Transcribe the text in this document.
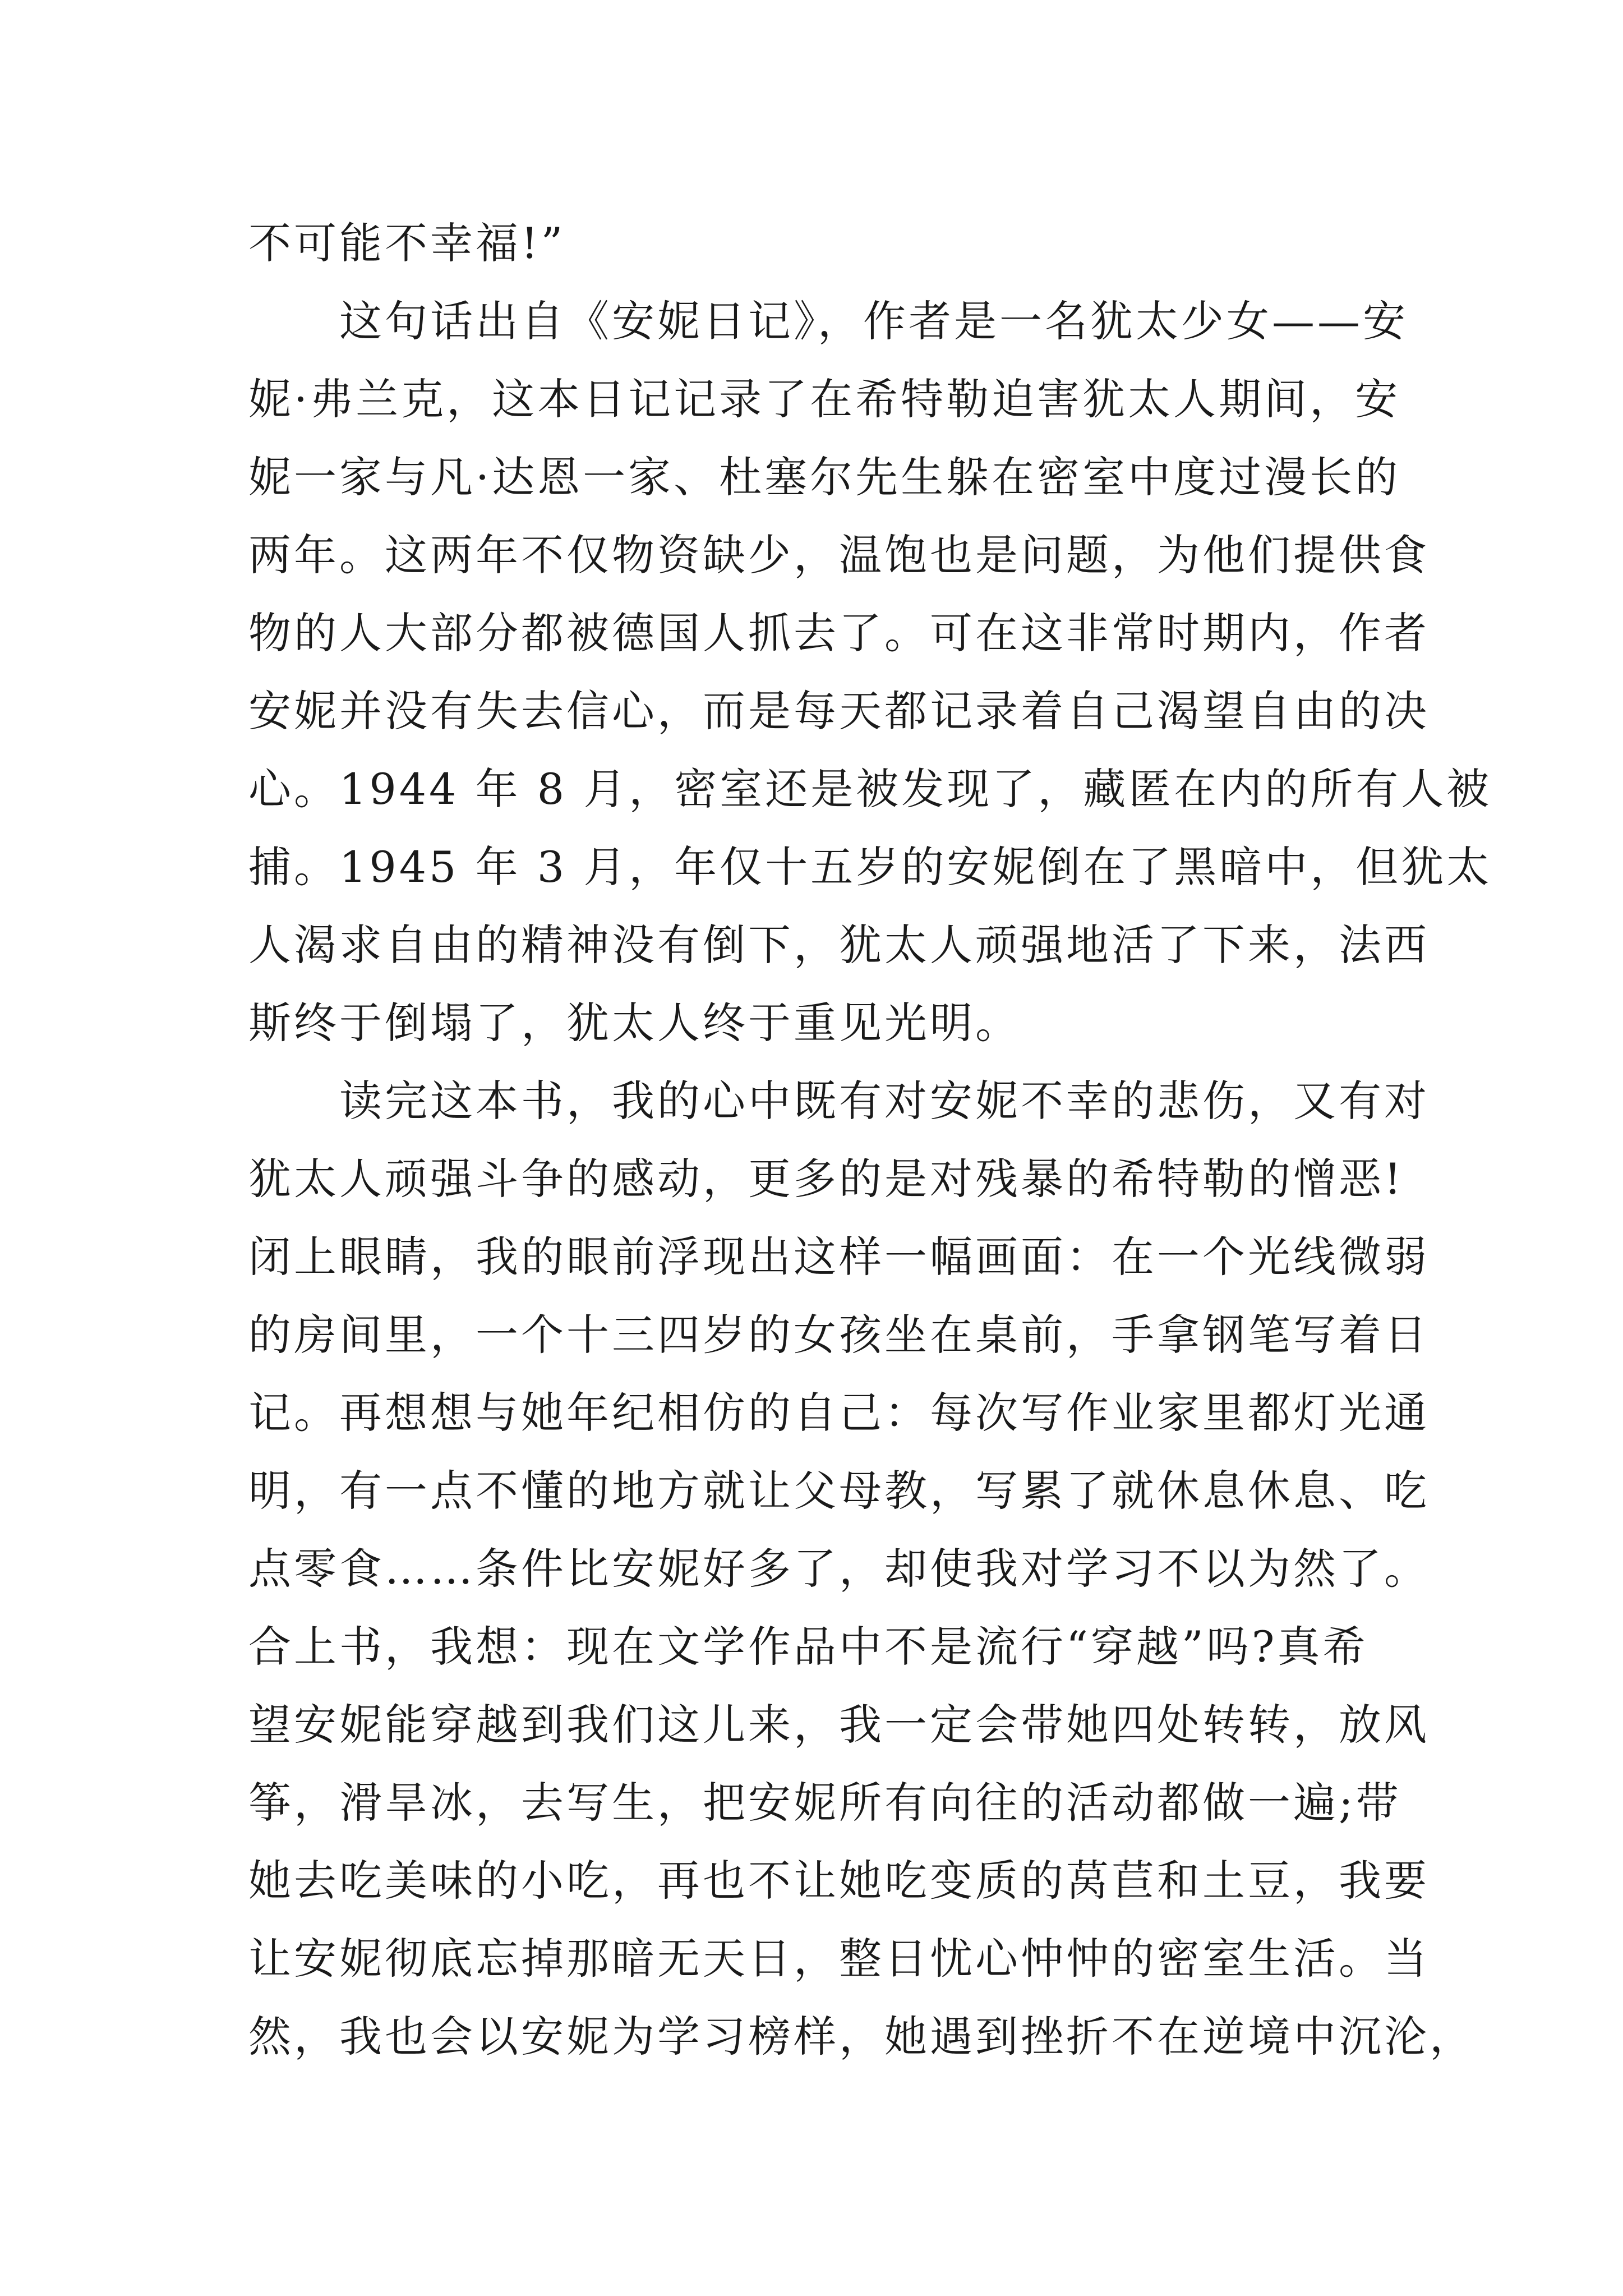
不可能不幸福!”
　　这句话出自《安妮日记》，作者是一名犹太少女——安
妮·弗兰克，这本日记记录了在希特勒迫害犹太人期间，安
妮一家与凡·达恩一家、杜塞尔先生躲在密室中度过漫长的
两年。这两年不仅物资缺少，温饱也是问题，为他们提供食
物的人大部分都被德国人抓去了。可在这非常时期内，作者
安妮并没有失去信心，而是每天都记录着自己渴望自由的决
心。1944 年 8 月，密室还是被发现了，藏匿在内的所有人被
捕。1945 年 3 月，年仅十五岁的安妮倒在了黑暗中，但犹太
人渴求自由的精神没有倒下，犹太人顽强地活了下来，法西
斯终于倒塌了，犹太人终于重见光明。
　　读完这本书，我的心中既有对安妮不幸的悲伤，又有对
犹太人顽强斗争的感动，更多的是对残暴的希特勒的憎恶!
闭上眼睛，我的眼前浮现出这样一幅画面：在一个光线微弱
的房间里，一个十三四岁的女孩坐在桌前，手拿钢笔写着日
记。再想想与她年纪相仿的自己：每次写作业家里都灯光通
明，有一点不懂的地方就让父母教，写累了就休息休息、吃
点零食……条件比安妮好多了，却使我对学习不以为然了。
合上书，我想：现在文学作品中不是流行“穿越”吗?真希
望安妮能穿越到我们这儿来，我一定会带她四处转转，放风
筝，滑旱冰，去写生，把安妮所有向往的活动都做一遍;带
她去吃美味的小吃，再也不让她吃变质的莴苣和土豆，我要
让安妮彻底忘掉那暗无天日，整日忧心忡忡的密室生活。当
然，我也会以安妮为学习榜样，她遇到挫折不在逆境中沉沦，
